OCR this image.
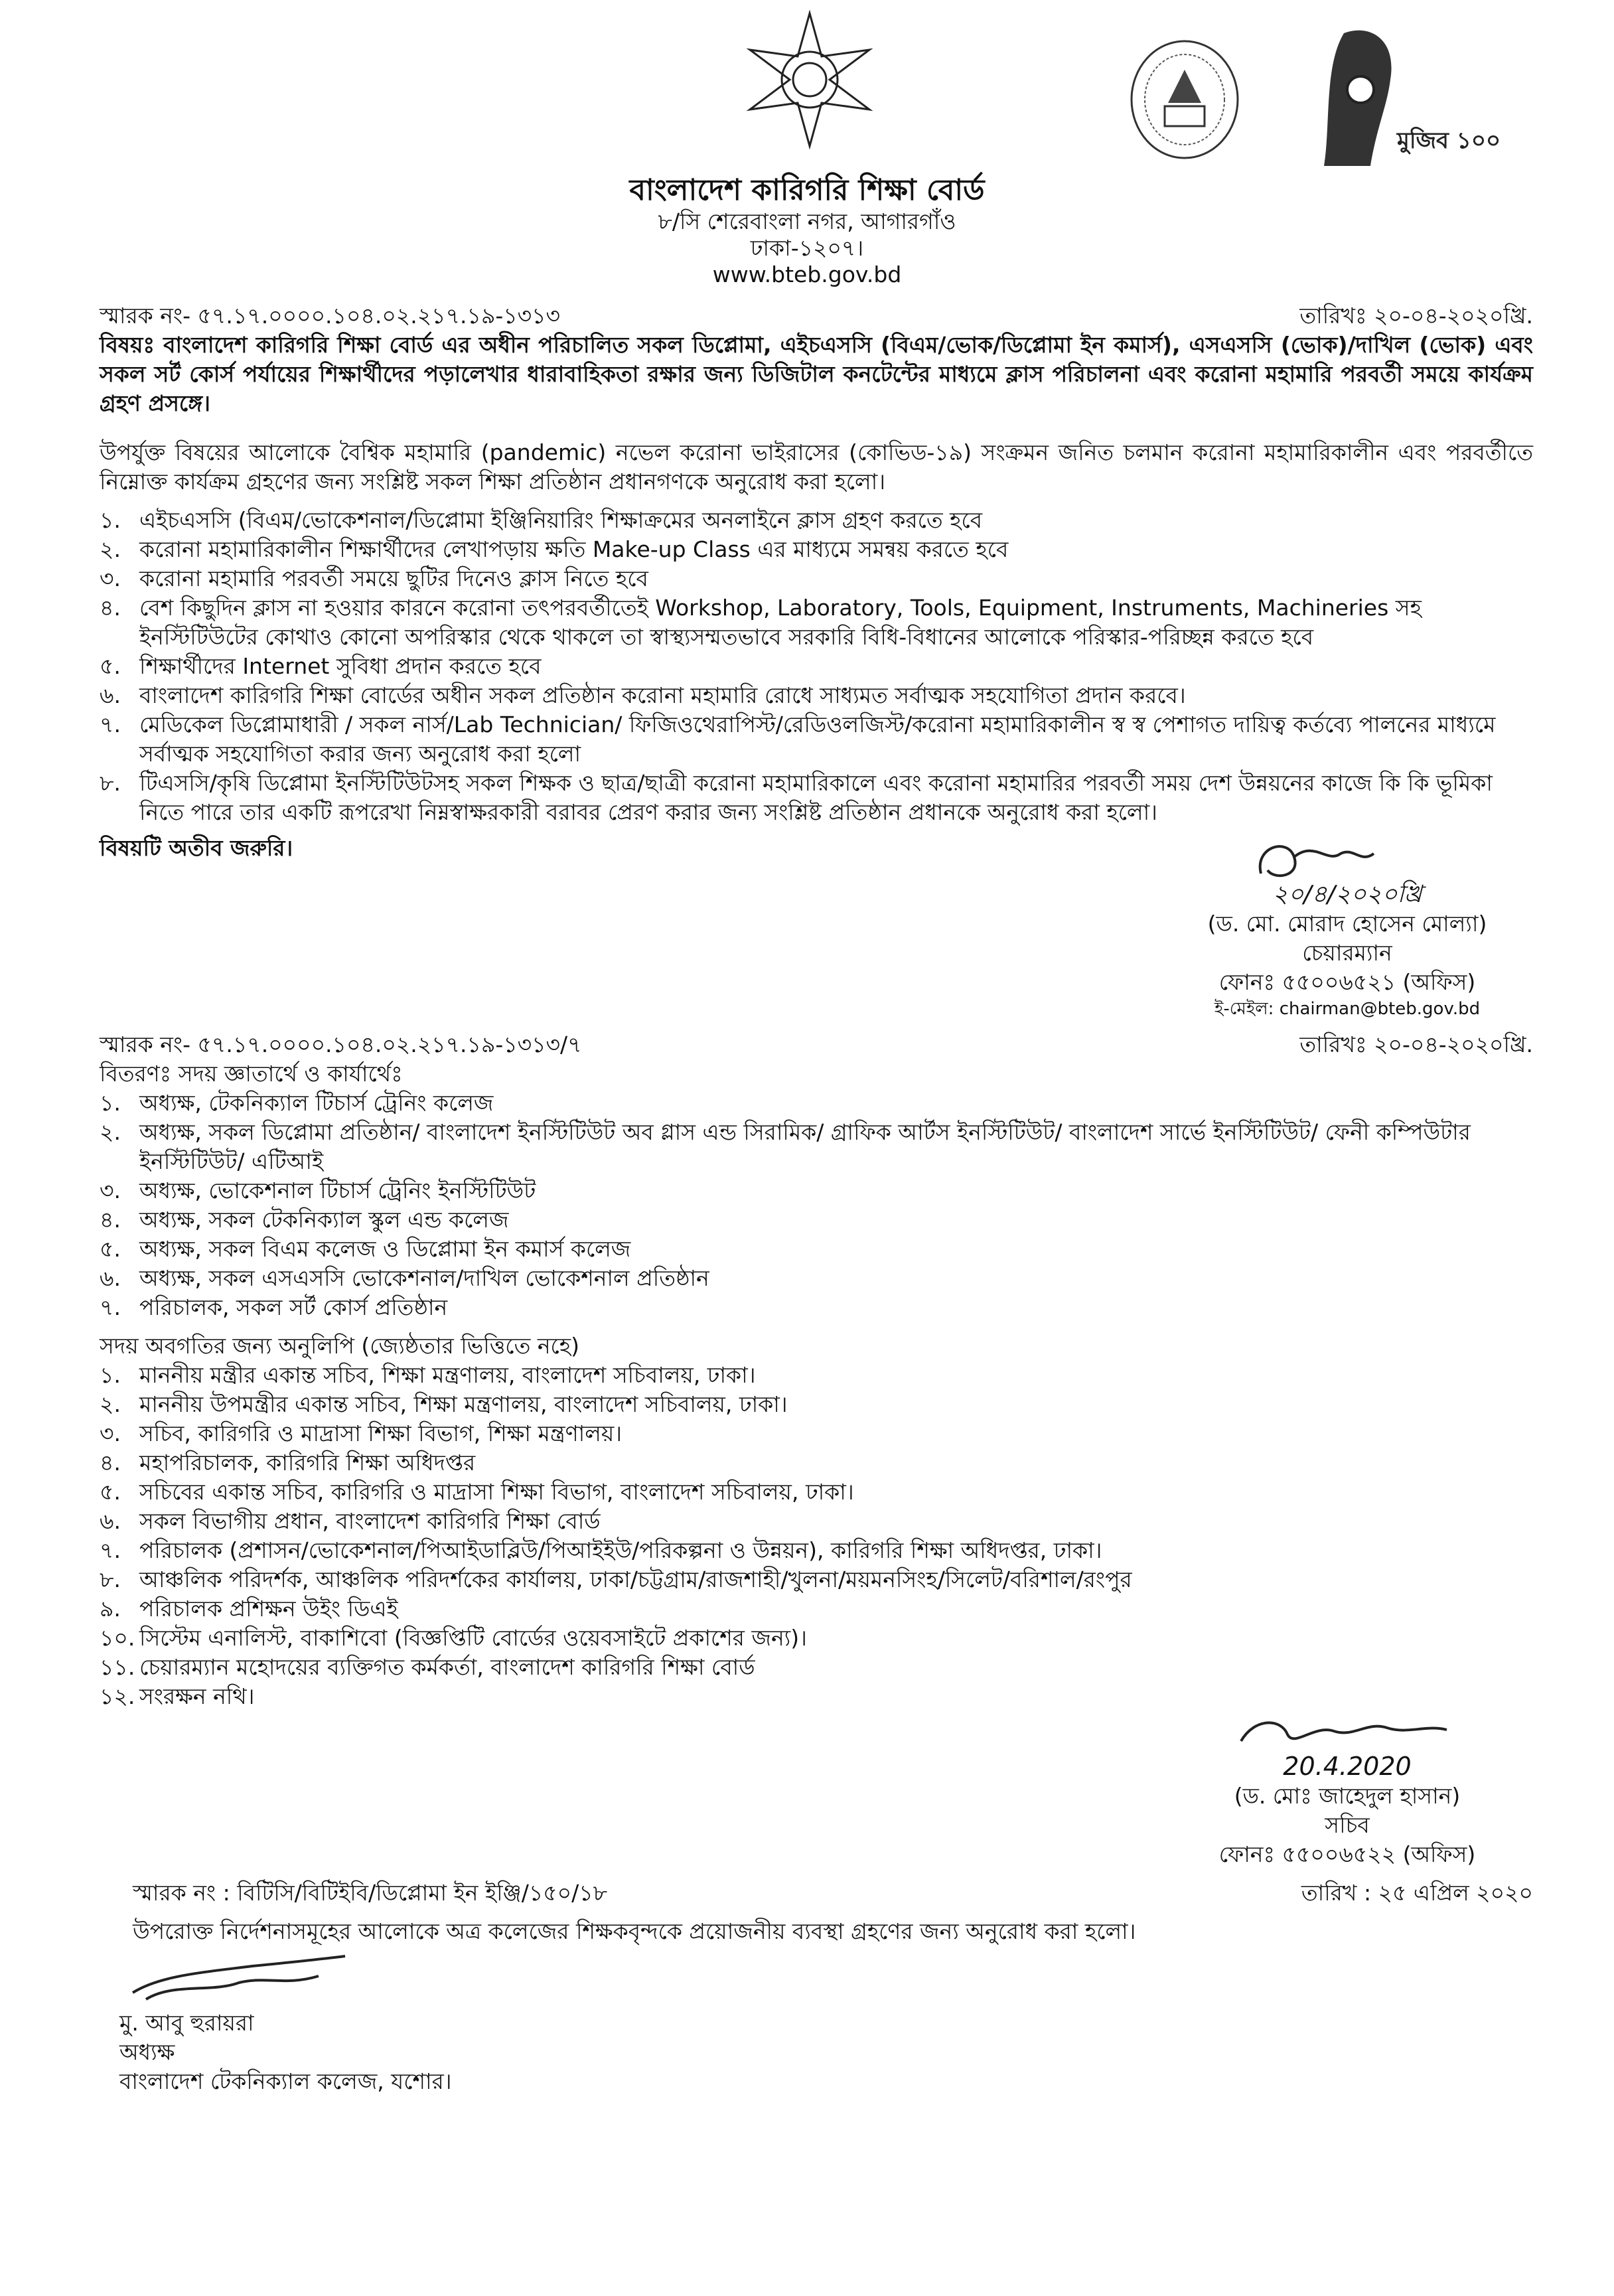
মুজিব ১০০
বাংলাদেশ কারিগরি শিক্ষা বোর্ড
৮/সি শেরেবাংলা নগর, আগারগাঁও
ঢাকা-১২০৭।
www.bteb.gov.bd
স্মারক নং- ৫৭.১৭.০০০০.১০৪.০২.২১৭.১৯-১৩১৩	তারিখঃ ২০-০৪-২০২০খ্রি.
বিষয়ঃ বাংলাদেশ কারিগরি শিক্ষা বোর্ড এর অধীন পরিচালিত সকল ডিপ্লোমা, এইচএসসি (বিএম/ভোক/ডিপ্লোমা ইন কমার্স), এসএসসি (ভোক)/দাখিল (ভোক) এবং সকল সর্ট কোর্স পর্যায়ের শিক্ষার্থীদের পড়ালেখার ধারাবাহিকতা রক্ষার জন্য ডিজিটাল কনটেন্টের মাধ্যমে ক্লাস পরিচালনা এবং করোনা মহামারি পরবর্তী সময়ে কার্যক্রম গ্রহণ প্রসঙ্গে।
উপর্যুক্ত বিষয়ের আলোকে বৈশ্বিক মহামারি (pandemic) নভেল করোনা ভাইরাসের (কোভিড-১৯) সংক্রমন জনিত চলমান করোনা মহামারিকালীন এবং পরবর্তীতে নিম্নোক্ত কার্যক্রম গ্রহণের জন্য সংশ্লিষ্ট সকল শিক্ষা প্রতিষ্ঠান প্রধানগণকে অনুরোধ করা হলো।
১. এইচএসসি (বিএম/ভোকেশনাল/ডিপ্লোমা ইঞ্জিনিয়ারিং শিক্ষাক্রমের অনলাইনে ক্লাস গ্রহণ করতে হবে
২. করোনা মহামারিকালীন শিক্ষার্থীদের লেখাপড়ায় ক্ষতি Make-up Class এর মাধ্যমে সমন্বয় করতে হবে
৩. করোনা মহামারি পরবর্তী সময়ে ছুটির দিনেও ক্লাস নিতে হবে
৪. বেশ কিছুদিন ক্লাস না হওয়ার কারনে করোনা তৎপরবর্তীতেই Workshop, Laboratory, Tools, Equipment, Instruments, Machineries সহ ইনস্টিটিউটের কোথাও কোনো অপরিস্কার থেকে থাকলে তা স্বাস্থ্যসম্মতভাবে সরকারি বিধি-বিধানের আলোকে পরিস্কার-পরিচ্ছন্ন করতে হবে
৫. শিক্ষার্থীদের Internet সুবিধা প্রদান করতে হবে
৬. বাংলাদেশ কারিগরি শিক্ষা বোর্ডের অধীন সকল প্রতিষ্ঠান করোনা মহামারি রোধে সাধ্যমত সর্বাত্মক সহযোগিতা প্রদান করবে।
৭. মেডিকেল ডিপ্লোমাধারী / সকল নার্স/Lab Technician/ ফিজিওথেরাপিস্ট/রেডিওলজিস্ট/করোনা মহামারিকালীন স্ব স্ব পেশাগত দায়িত্ব কর্তব্যে পালনের মাধ্যমে সর্বাত্মক সহযোগিতা করার জন্য অনুরোধ করা হলো
৮. টিএসসি/কৃষি ডিপ্লোমা ইনস্টিটিউটসহ সকল শিক্ষক ও ছাত্র/ছাত্রী করোনা মহামারিকালে এবং করোনা মহামারির পরবর্তী সময় দেশ উন্নয়নের কাজে কি কি ভূমিকা নিতে পারে তার একটি রূপরেখা নিম্নস্বাক্ষরকারী বরাবর প্রেরণ করার জন্য সংশ্লিষ্ট প্রতিষ্ঠান প্রধানকে অনুরোধ করা হলো।
বিষয়টি অতীব জরুরি।
২০/৪/২০২০খ্রি
(ড. মো. মোরাদ হোসেন মোল্যা)
চেয়ারম্যান
ফোনঃ ৫৫০০৬৫২১ (অফিস)
ই-মেইল: chairman@bteb.gov.bd
স্মারক নং- ৫৭.১৭.০০০০.১০৪.০২.২১৭.১৯-১৩১৩/৭	তারিখঃ ২০-০৪-২০২০খ্রি.
বিতরণঃ সদয় জ্ঞাতার্থে ও কার্যার্থেঃ
১. অধ্যক্ষ, টেকনিক্যাল টিচার্স ট্রেনিং কলেজ
২. অধ্যক্ষ, সকল ডিপ্লোমা প্রতিষ্ঠান/ বাংলাদেশ ইনস্টিটিউট অব গ্লাস এন্ড সিরামিক/ গ্রাফিক আর্টস ইনস্টিটিউট/ বাংলাদেশ সার্ভে ইনস্টিটিউট/ ফেনী কম্পিউটার ইনস্টিটিউট/ এটিআই
৩. অধ্যক্ষ, ভোকেশনাল টিচার্স ট্রেনিং ইনস্টিটিউট
৪. অধ্যক্ষ, সকল টেকনিক্যাল স্কুল এন্ড কলেজ
৫. অধ্যক্ষ, সকল বিএম কলেজ ও ডিপ্লোমা ইন কমার্স কলেজ
৬. অধ্যক্ষ, সকল এসএসসি ভোকেশনাল/দাখিল ভোকেশনাল প্রতিষ্ঠান
৭. পরিচালক, সকল সর্ট কোর্স প্রতিষ্ঠান
সদয় অবগতির জন্য অনুলিপি (জ্যেষ্ঠতার ভিত্তিতে নহে)
১. মাননীয় মন্ত্রীর একান্ত সচিব, শিক্ষা মন্ত্রণালয়, বাংলাদেশ সচিবালয়, ঢাকা।
২. মাননীয় উপমন্ত্রীর একান্ত সচিব, শিক্ষা মন্ত্রণালয়, বাংলাদেশ সচিবালয়, ঢাকা।
৩. সচিব, কারিগরি ও মাদ্রাসা শিক্ষা বিভাগ, শিক্ষা মন্ত্রণালয়।
৪. মহাপরিচালক, কারিগরি শিক্ষা অধিদপ্তর
৫. সচিবের একান্ত সচিব, কারিগরি ও মাদ্রাসা শিক্ষা বিভাগ, বাংলাদেশ সচিবালয়, ঢাকা।
৬. সকল বিভাগীয় প্রধান, বাংলাদেশ কারিগরি শিক্ষা বোর্ড
৭. পরিচালক (প্রশাসন/ভোকেশনাল/পিআইডাব্লিউ/পিআইইউ/পরিকল্পনা ও উন্নয়ন), কারিগরি শিক্ষা অধিদপ্তর, ঢাকা।
৮. আঞ্চলিক পরিদর্শক, আঞ্চলিক পরিদর্শকের কার্যালয়, ঢাকা/চট্টগ্রাম/রাজশাহী/খুলনা/ময়মনসিংহ/সিলেট/বরিশাল/রংপুর
৯. পরিচালক প্রশিক্ষন উইং ডিএই
১০. সিস্টেম এনালিস্ট, বাকাশিবো (বিজ্ঞপ্তিটি বোর্ডের ওয়েবসাইটে প্রকাশের জন্য)।
১১. চেয়ারম্যান মহোদয়ের ব্যক্তিগত কর্মকর্তা, বাংলাদেশ কারিগরি শিক্ষা বোর্ড
১২. সংরক্ষন নথি।
20.4.2020
(ড. মোঃ জাহেদুল হাসান)
সচিব
ফোনঃ ৫৫০০৬৫২২ (অফিস)
স্মারক নং : বিটিসি/বিটিইবি/ডিপ্লোমা ইন ইঞ্জি/১৫০/১৮	তারিখ : ২৫ এপ্রিল ২০২০
উপরোক্ত নির্দেশনাসমূহের আলোকে অত্র কলেজের শিক্ষকবৃন্দকে প্রয়োজনীয় ব্যবস্থা গ্রহণের জন্য অনুরোধ করা হলো।
মু. আবু হুরায়রা
অধ্যক্ষ
বাংলাদেশ টেকনিক্যাল কলেজ, যশোর।
